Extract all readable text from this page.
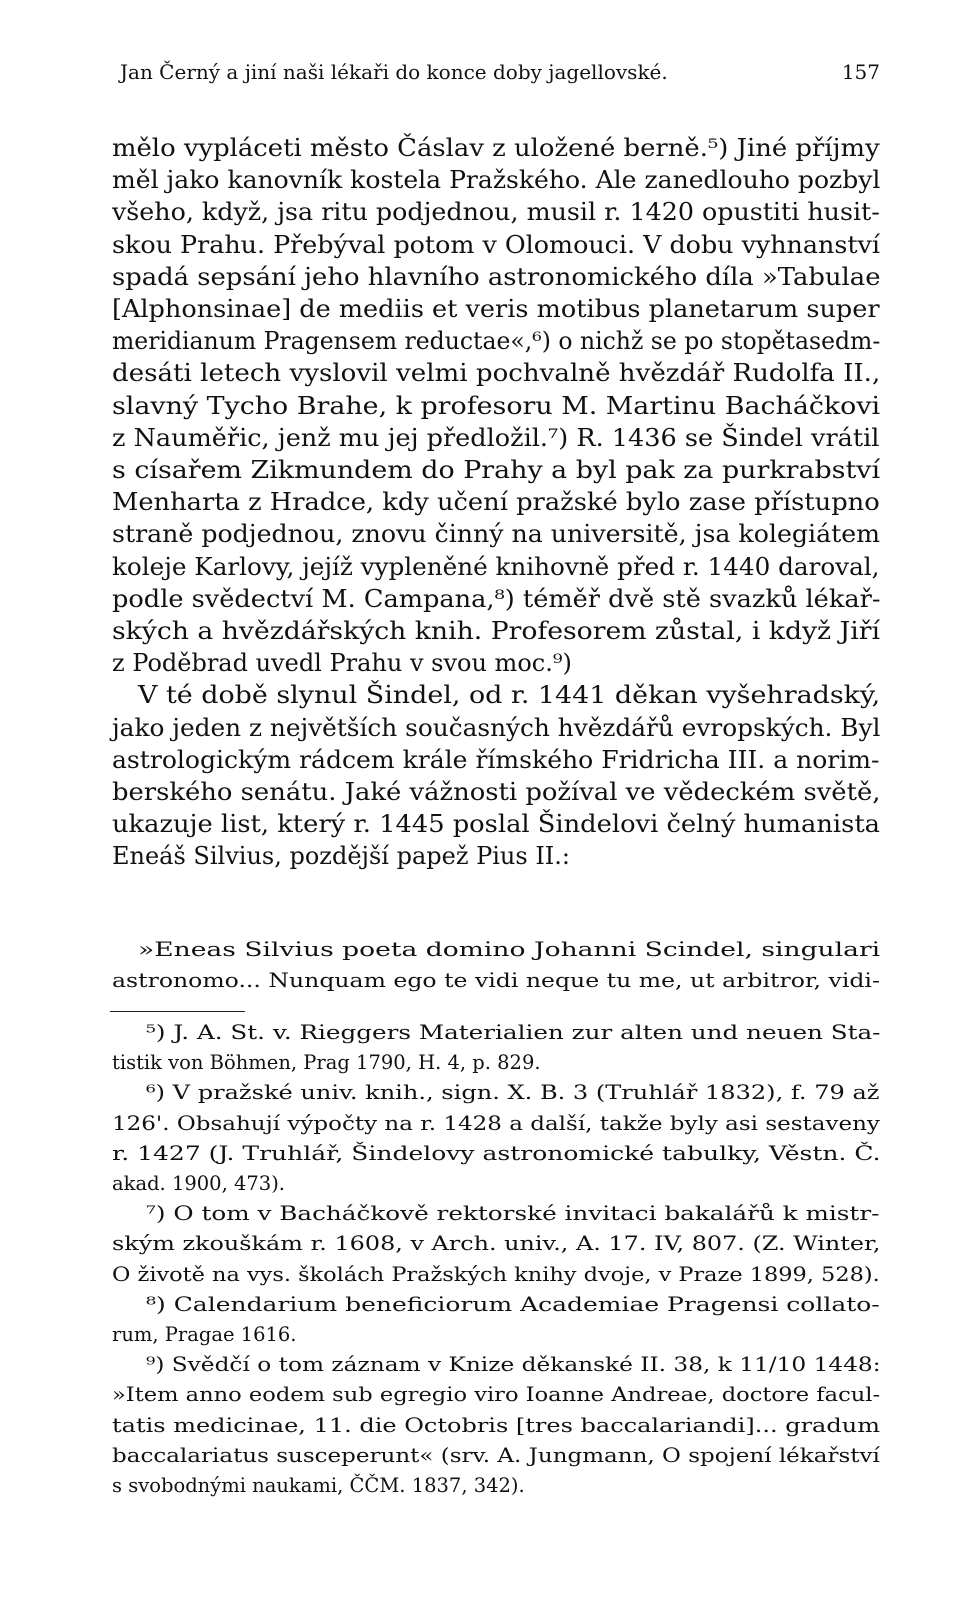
Jan Černý a jiní naši lékaři do konce doby jagellovské.	157
mělo vypláceti město Čáslav z uložené berně.⁵) Jiné příjmy
měl jako kanovník kostela Pražského. Ale zanedlouho pozbyl
všeho, když, jsa ritu podjednou, musil r. 1420 opustiti husit-
skou Prahu. Přebýval potom v Olomouci. V dobu vyhnanství
spadá sepsání jeho hlavního astronomického díla »Tabulae
[Alphonsinae] de mediis et veris motibus planetarum super
meridianum Pragensem reductae«,⁶) o nichž se po stopětasedm-
desáti letech vyslovil velmi pochvalně hvězdář Rudolfa II.,
slavný Tycho Brahe, k profesoru M. Martinu Bacháčkovi
z Nauměřic, jenž mu jej předložil.⁷) R. 1436 se Šindel vrátil
s císařem Zikmundem do Prahy a byl pak za purkrabství
Menharta z Hradce, kdy učení pražské bylo zase přístupno
straně podjednou, znovu činný na universitě, jsa kolegiátem
koleje Karlovy, jejíž vypleněné knihovně před r. 1440 daroval,
podle svědectví M. Campana,⁸) téměř dvě stě svazků lékař-
ských a hvězdářských knih. Profesorem zůstal, i když Jiří
z Poděbrad uvedl Prahu v svou moc.⁹)
V té době slynul Šindel, od r. 1441 děkan vyšehradský,
jako jeden z největších současných hvězdářů evropských. Byl
astrologickým rádcem krále římského Fridricha III. a norim-
berského senátu. Jaké vážnosti požíval ve vědeckém světě,
ukazuje list, který r. 1445 poslal Šindelovi čelný humanista
Eneáš Silvius, pozdější papež Pius II.:
»Eneas Silvius poeta domino Johanni Scindel, singulari
astronomo... Nunquam ego te vidi neque tu me, ut arbitror, vidi-
⁵) J. A. St. v. Rieggers Materialien zur alten und neuen Sta-
tistik von Böhmen, Prag 1790, H. 4, p. 829.
⁶) V pražské univ. knih., sign. X. B. 3 (Truhlář 1832), f. 79 až
126'. Obsahují výpočty na r. 1428 a další, takže byly asi sestaveny
r. 1427 (J. Truhlář, Šindelovy astronomické tabulky, Věstn. Č.
akad. 1900, 473).
⁷) O tom v Bacháčkově rektorské invitaci bakalářů k mistr-
ským zkouškám r. 1608, v Arch. univ., A. 17. IV, 807. (Z. Winter,
O životě na vys. školách Pražských knihy dvoje, v Praze 1899, 528).
⁸) Calendarium beneficiorum Academiae Pragensi collato-
rum, Pragae 1616.
⁹) Svědčí o tom záznam v Knize děkanské II. 38, k 11/10 1448:
»Item anno eodem sub egregio viro Ioanne Andreae, doctore facul-
tatis medicinae, 11. die Octobris [tres baccalariandi]... gradum
baccalariatus susceperunt« (srv. A. Jungmann, O spojení lékařství
s svobodnými naukami, ČČM. 1837, 342).
